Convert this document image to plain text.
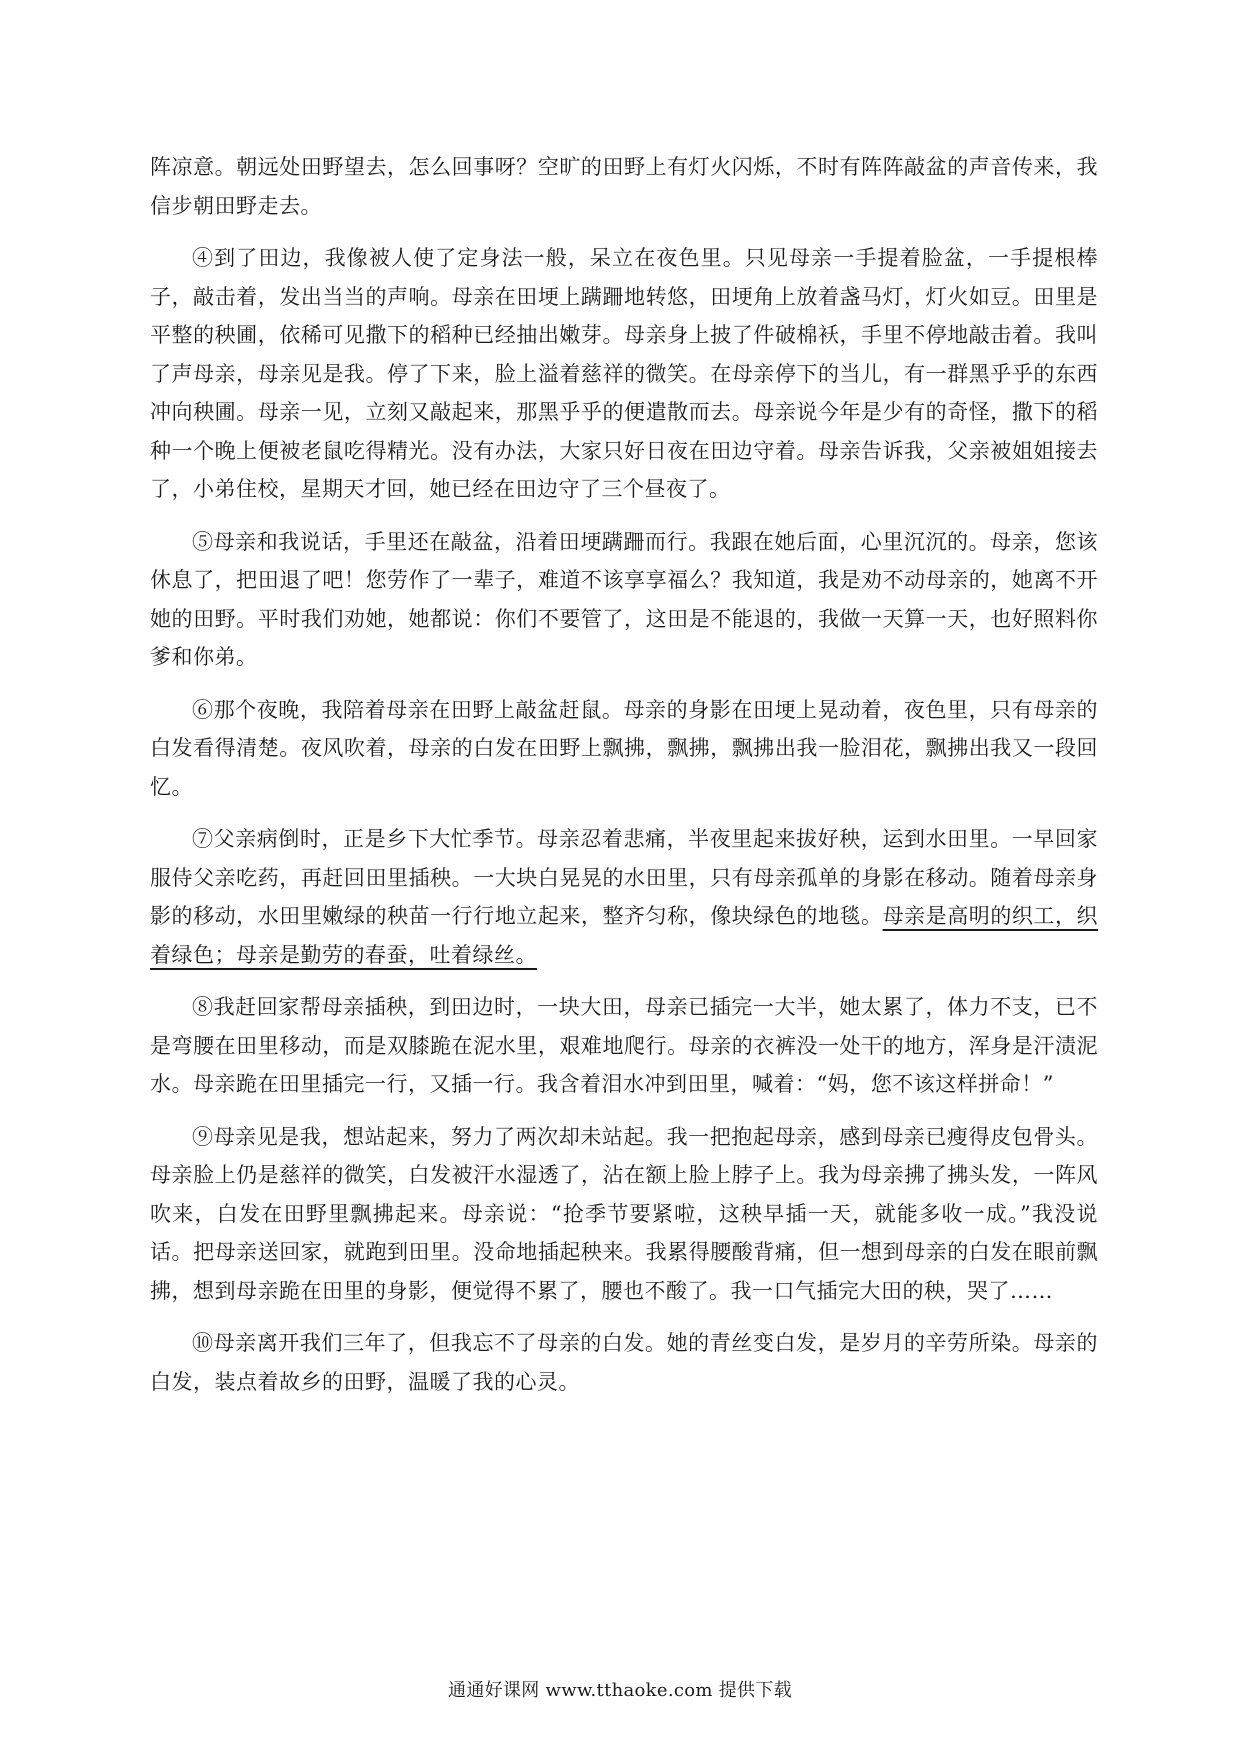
阵凉意。朝远处田野望去，怎么回事呀？空旷的田野上有灯火闪烁，不时有阵阵敲盆的声音传来，我信步朝田野走去。

④到了田边，我像被人使了定身法一般，呆立在夜色里。只见母亲一手提着脸盆，一手提根棒子，敲击着，发出当当的声响。母亲在田埂上蹒跚地转悠，田埂角上放着盏马灯，灯火如豆。田里是平整的秧圃，依稀可见撒下的稻种已经抽出嫩芽。母亲身上披了件破棉袄，手里不停地敲击着。我叫了声母亲，母亲见是我。停了下来，脸上溢着慈祥的微笑。在母亲停下的当儿，有一群黑乎乎的东西冲向秧圃。母亲一见，立刻又敲起来，那黑乎乎的便遣散而去。母亲说今年是少有的奇怪，撒下的稻种一个晚上便被老鼠吃得精光。没有办法，大家只好日夜在田边守着。母亲告诉我，父亲被姐姐接去了，小弟住校，星期天才回，她已经在田边守了三个昼夜了。

⑤母亲和我说话，手里还在敲盆，沿着田埂蹒跚而行。我跟在她后面，心里沉沉的。母亲，您该休息了，把田退了吧！您劳作了一辈子，难道不该享享福么？我知道，我是劝不动母亲的，她离不开她的田野。平时我们劝她，她都说：你们不要管了，这田是不能退的，我做一天算一天，也好照料你爹和你弟。

⑥那个夜晚，我陪着母亲在田野上敲盆赶鼠。母亲的身影在田埂上晃动着，夜色里，只有母亲的白发看得清楚。夜风吹着，母亲的白发在田野上飘拂，飘拂，飘拂出我一脸泪花，飘拂出我又一段回忆。

⑦父亲病倒时，正是乡下大忙季节。母亲忍着悲痛，半夜里起来拔好秧，运到水田里。一早回家服侍父亲吃药，再赶回田里插秧。一大块白晃晃的水田里，只有母亲孤单的身影在移动。随着母亲身影的移动，水田里嫩绿的秧苗一行行地立起来，整齐匀称，像块绿色的地毯。母亲是高明的织工，织着绿色；母亲是勤劳的春蚕，吐着绿丝。

⑧我赶回家帮母亲插秧，到田边时，一块大田，母亲已插完一大半，她太累了，体力不支，已不是弯腰在田里移动，而是双膝跪在泥水里，艰难地爬行。母亲的衣裤没一处干的地方，浑身是汗渍泥水。母亲跪在田里插完一行，又插一行。我含着泪水冲到田里，喊着：“妈，您不该这样拼命！”

⑨母亲见是我，想站起来，努力了两次却未站起。我一把抱起母亲，感到母亲已瘦得皮包骨头。母亲脸上仍是慈祥的微笑，白发被汗水湿透了，沾在额上脸上脖子上。我为母亲拂了拂头发，一阵风吹来，白发在田野里飘拂起来。母亲说：“抢季节要紧啦，这秧早插一天，就能多收一成。”我没说话。把母亲送回家，就跑到田里。没命地插起秧来。我累得腰酸背痛，但一想到母亲的白发在眼前飘拂，想到母亲跪在田里的身影，便觉得不累了，腰也不酸了。我一口气插完大田的秧，哭了……

⑩母亲离开我们三年了，但我忘不了母亲的白发。她的青丝变白发，是岁月的辛劳所染。母亲的白发，装点着故乡的田野，温暖了我的心灵。

通通好课网 www.tthaoke.com 提供下载
